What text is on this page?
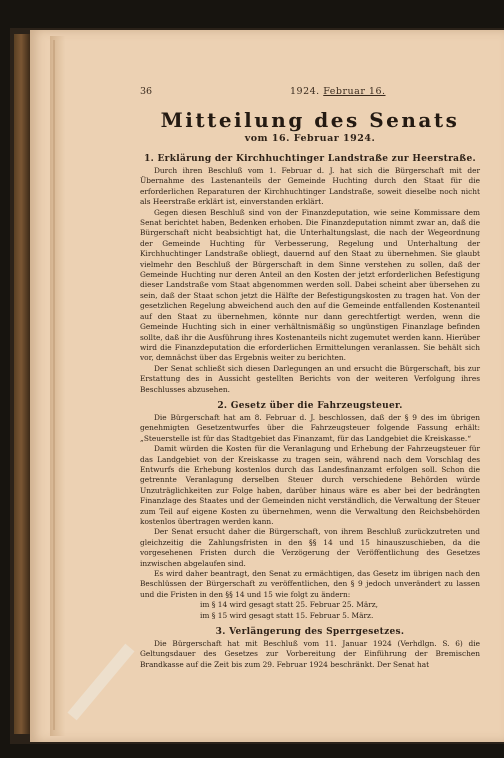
36	1924. Februar 16.
Mitteilung des Senats
vom 16. Februar 1924.
1. Erklärung der Kirchhuchtinger Landstraße zur Heerstraße.

Durch ihren Beschluß vom 1. Februar d. J. hat sich die Bürgerschaft mit der Übernahme des Lastenanteils der Gemeinde Huchting durch den Staat für die erforderlichen Reparaturen der Kirchhuchtinger Landstraße, soweit dieselbe noch nicht als Heerstraße erklärt ist, einverstanden erklärt.

Gegen diesen Beschluß sind von der Finanzdeputation, wie seine Kommissare dem Senat berichtet haben, Bedenken erhoben. Die Finanzdeputation nimmt zwar an, daß die Bürgerschaft nicht beabsichtigt hat, die Unterhaltungslast, die nach der Wegeordnung der Gemeinde Huchting für Verbesserung, Regelung und Unterhaltung der Kirchhuchtinger Landstraße obliegt, dauernd auf den Staat zu übernehmen. Sie glaubt vielmehr den Beschluß der Bürgerschaft in dem Sinne verstehen zu sollen, daß der Gemeinde Huchting nur deren Anteil an den Kosten der jetzt erforderlichen Befestigung dieser Landstraße vom Staat abgenommen werden soll. Dabei scheint aber übersehen zu sein, daß der Staat schon jetzt die Hälfte der Befestigungskosten zu tragen hat. Von der gesetzlichen Regelung abweichend auch den auf die Gemeinde entfallenden Kostenanteil auf den Staat zu übernehmen, könnte nur dann gerechtfertigt werden, wenn die Gemeinde Huchting sich in einer verhältnismäßig so ungünstigen Finanzlage befinden sollte, daß ihr die Ausführung ihres Kostenanteils nicht zugemutet werden kann. Hierüber wird die Finanzdeputation die erforderlichen Ermittelungen veranlassen. Sie behält sich vor, demnächst über das Ergebnis weiter zu berichten.

Der Senat schließt sich diesen Darlegungen an und ersucht die Bürgerschaft, bis zur Erstattung des in Aussicht gestellten Berichts von der weiteren Verfolgung ihres Beschlusses abzusehen.

2. Gesetz über die Fahrzeugsteuer.

Die Bürgerschaft hat am 8. Februar d. J. beschlossen, daß der § 9 des im übrigen genehmigten Gesetzentwurfes über die Fahrzeugsteuer folgende Fassung erhält: „Steuerstelle ist für das Stadtgebiet das Finanzamt, für das Landgebiet die Kreiskasse.“

Damit würden die Kosten für die Veranlagung und Erhebung der Fahrzeugsteuer für das Landgebiet von der Kreiskasse zu tragen sein, während nach dem Vorschlag des Entwurfs die Erhebung kostenlos durch das Landesfinanzamt erfolgen soll. Schon die getrennte Veranlagung derselben Steuer durch verschiedene Behörden würde Unzuträglichkeiten zur Folge haben, darüber hinaus wäre es aber bei der bedrängten Finanzlage des Staates und der Gemeinden nicht verständlich, die Verwaltung der Steuer zum Teil auf eigene Kosten zu übernehmen, wenn die Verwaltung den Reichsbehörden kostenlos übertragen werden kann.

Der Senat ersucht daher die Bürgerschaft, von ihrem Beschluß zurückzutreten und gleichzeitig die Zahlungsfristen in den §§ 14 und 15 hinauszuschieben, da die vorgesehenen Fristen durch die Verzögerung der Veröffentlichung des Gesetzes inzwischen abgelaufen sind.

Es wird daher beantragt, den Senat zu ermächtigen, das Gesetz im übrigen nach den Beschlüssen der Bürgerschaft zu veröffentlichen, den § 9 jedoch unverändert zu lassen und die Fristen in den §§ 14 und 15 wie folgt zu ändern:

im § 14 wird gesagt statt 25. Februar 25. März,
im § 15 wird gesagt statt 15. Februar 5. März.
3. Verlängerung des Sperrgesetzes.

Die Bürgerschaft hat mit Beschluß vom 11. Januar 1924 (Verhdlgn. S. 6) die Geltungsdauer des Gesetzes zur Vorbereitung der Einführung der Bremischen Brandkasse auf die Zeit bis zum 29. Februar 1924 beschränkt. Der Senat hat
